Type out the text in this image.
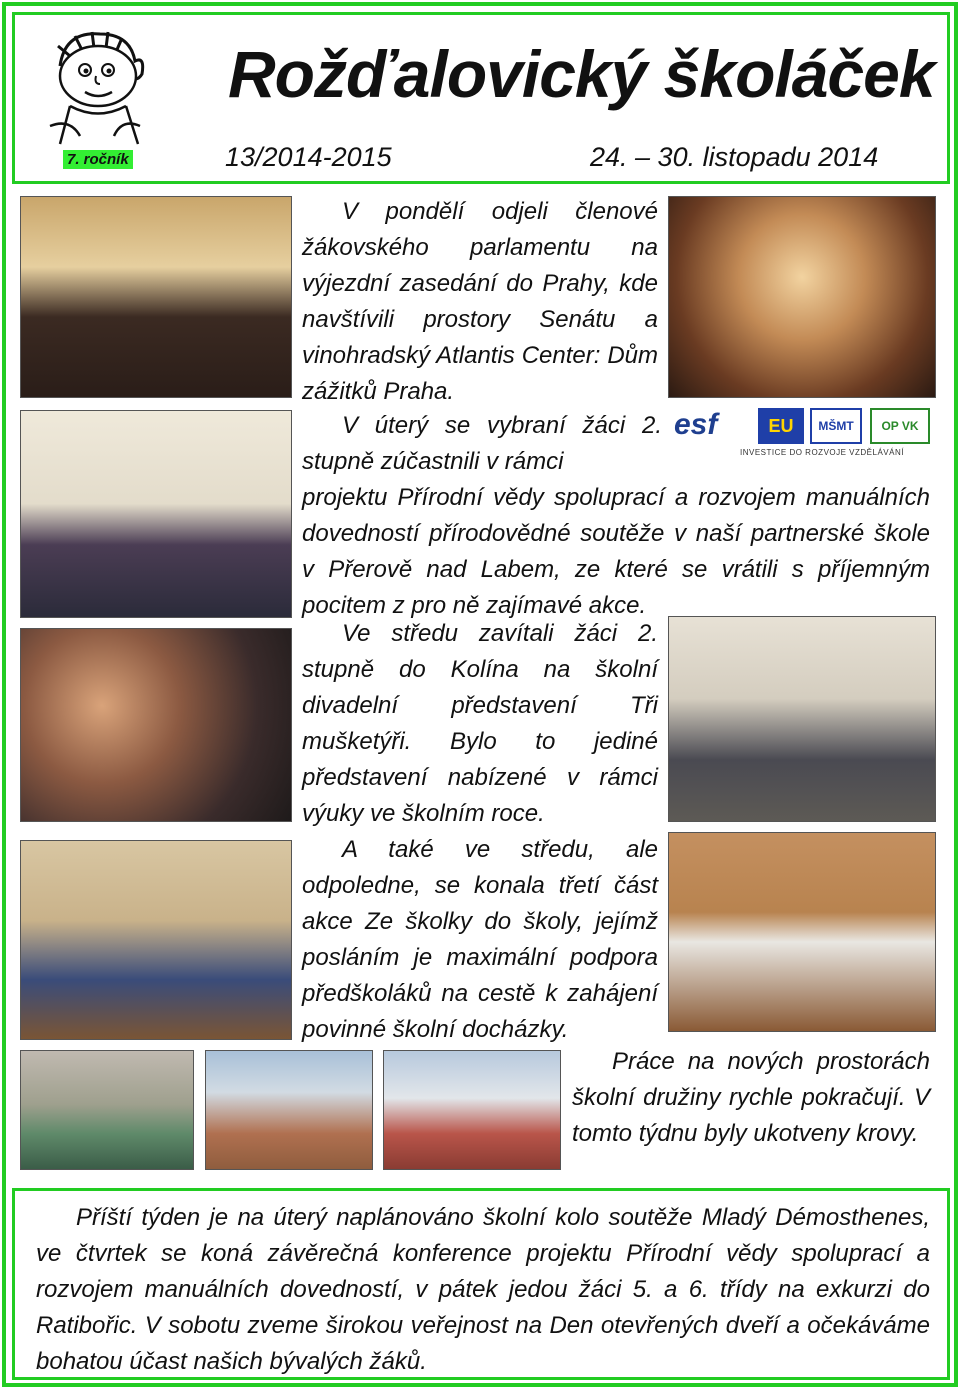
Rožďalovický školáček
7. ročník	13/2014-2015	24. – 30. listopadu 2014
esf	EU	MŠMT	OP VK
INVESTICE DO ROZVOJE VZDĚLÁVÁNÍ

V pondělí odjeli členové žákovského parlamentu na výjezdní zasedání do Prahy, kde navštívili prostory Senátu a vinohradský Atlantis Center: Dům zážitků Praha.

V úterý se vybraní žáci 2. stupně zúčastnili v rámci

projektu Přírodní vědy spoluprací a rozvojem manuálních dovedností přírodovědné soutěže v naší partnerské škole v Přerově nad Labem, ze které se vrátili s příjemným pocitem z pro ně zajímavé akce.

Ve středu zavítali žáci 2. stupně do Kolína na školní divadelní představení Tři mušketýři. Bylo to jediné představení nabízené v rámci výuky ve školním roce.

A také ve středu, ale odpoledne, se konala třetí část akce Ze školky do školy, jejímž posláním je maximální podpora předškoláků na cestě k zahájení povinné školní docházky.

Práce na nových prostorách školní družiny rychle pokračují. V tomto týdnu byly ukotveny krovy.

Příští týden je na úterý naplánováno školní kolo soutěže Mladý Démosthenes, ve čtvrtek se koná závěrečná konference projektu Přírodní vědy spoluprací a rozvojem manuálních dovedností, v pátek jedou žáci 5. a 6. třídy na exkurzi do Ratibořic. V sobotu zveme širokou veřejnost na Den otevřených dveří a očekáváme bohatou účast našich bývalých žáků.
